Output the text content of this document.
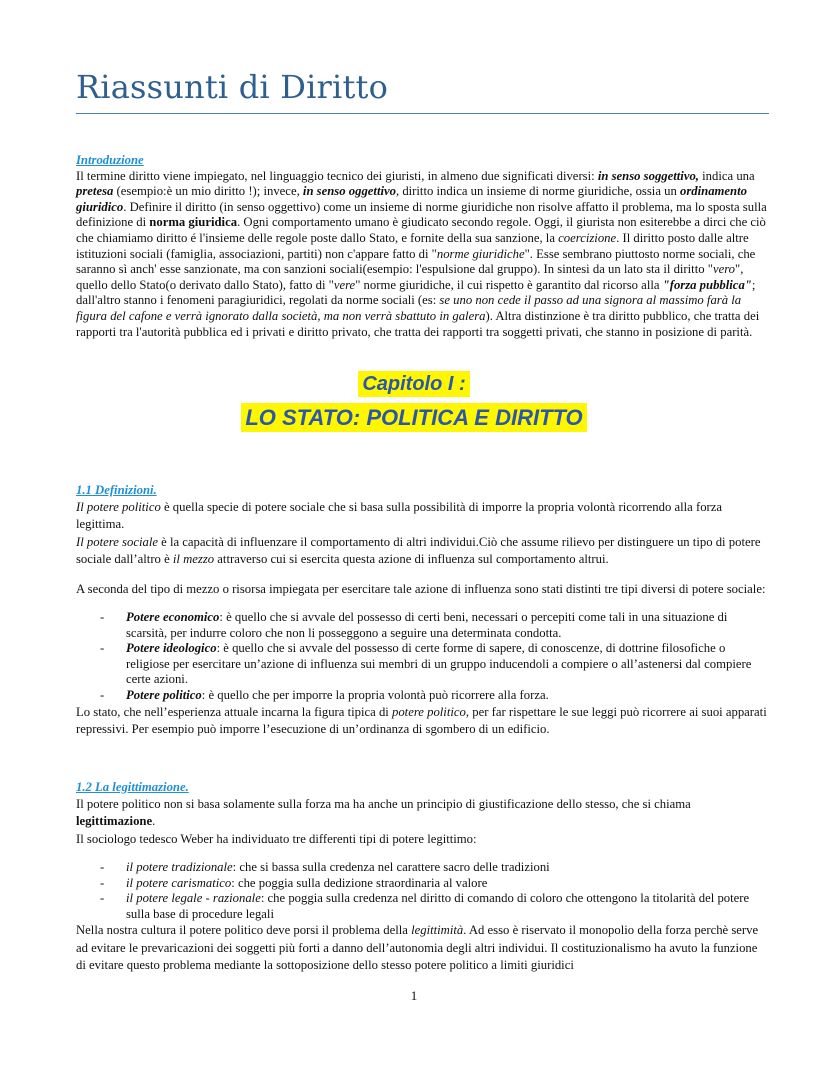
Riassunti di Diritto
Introduzione
Il termine diritto viene impiegato, nel linguaggio tecnico dei giuristi, in almeno due significati diversi: in senso soggettivo, indica una pretesa (esempio:è un mio diritto !); invece, in senso oggettivo, diritto indica un insieme di norme giuridiche, ossia un ordinamento giuridico. Definire il diritto (in senso oggettivo) come un insieme di norme giuridiche non risolve affatto il problema, ma lo sposta sulla definizione di norma giuridica. Ogni comportamento umano è giudicato secondo regole. Oggi, il giurista non esiterebbe a dirci che ciò che chiamiamo diritto é l'insieme delle regole poste dallo Stato, e fornite della sua sanzione, la coercizione. Il diritto posto dalle altre istituzioni sociali (famiglia, associazioni, partiti) non c'appare fatto di "norme giuridiche". Esse sembrano piuttosto norme sociali, che saranno sì anch' esse sanzionate, ma con sanzioni sociali(esempio: l'espulsione dal gruppo). In sintesi da un lato sta il diritto "vero", quello dello Stato(o derivato dallo Stato), fatto di "vere" norme giuridiche, il cui rispetto è garantito dal ricorso alla "forza pubblica"; dall'altro stanno i fenomeni paragiuridici, regolati da norme sociali (es: se uno non cede il passo ad una signora al massimo farà la figura del cafone e verrà ignorato dalla società, ma non verrà sbattuto in galera). Altra distinzione è tra diritto pubblico, che tratta dei rapporti tra l'autorità pubblica ed i privati e diritto privato, che tratta dei rapporti tra soggetti privati, che stanno in posizione di parità.
Capitolo I :
LO STATO: POLITICA E DIRITTO
1.1 Definizioni.
Il potere politico è quella specie di potere sociale che si basa sulla possibilità di imporre la propria volontà ricorrendo alla forza legittima.
Il potere sociale è la capacità di influenzare il comportamento di altri individui.Ciò che assume rilievo per distinguere un tipo di potere sociale dall’altro è il mezzo attraverso cui si esercita questa azione di influenza sul comportamento altrui.
A seconda del tipo di mezzo o risorsa impiegata per esercitare tale azione di influenza sono stati distinti tre tipi diversi di potere sociale:
- Potere economico: è quello che si avvale del possesso di certi beni, necessari o percepiti come tali in una situazione di scarsità, per indurre coloro che non li posseggono a seguire una determinata condotta.
- Potere ideologico: è quello che si avvale del possesso di certe forme di sapere, di conoscenze, di dottrine filosofiche o religiose per esercitare un’azione di influenza sui membri di un gruppo inducendoli a compiere o all’astenersi dal compiere certe azioni.
- Potere politico: è quello che per imporre la propria volontà può ricorrere alla forza.
Lo stato, che nell’esperienza attuale incarna la figura tipica di potere politico, per far rispettare le sue leggi può ricorrere ai suoi apparati repressivi. Per esempio può imporre l’esecuzione di un’ordinanza di sgombero di un edificio.
1.2 La legittimazione.
Il potere politico non si basa solamente sulla forza ma ha anche un principio di giustificazione dello stesso, che si chiama legittimazione.
Il sociologo tedesco Weber ha individuato tre differenti tipi di potere legittimo:
- il potere tradizionale: che si bassa sulla credenza nel carattere sacro delle tradizioni
- il potere carismatico: che poggia sulla dedizione straordinaria al valore
- il potere legale - razionale: che poggia sulla credenza nel diritto di comando di coloro che ottengono la titolarità del potere sulla base di procedure legali
Nella nostra cultura il potere politico deve porsi il problema della legittimità. Ad esso è riservato il monopolio della forza perchè serve ad evitare le prevaricazioni dei soggetti più forti a danno dell’autonomia degli altri individui. Il costituzionalismo ha avuto la funzione di evitare questo problema mediante la sottoposizione dello stesso potere politico a limiti giuridici
1
